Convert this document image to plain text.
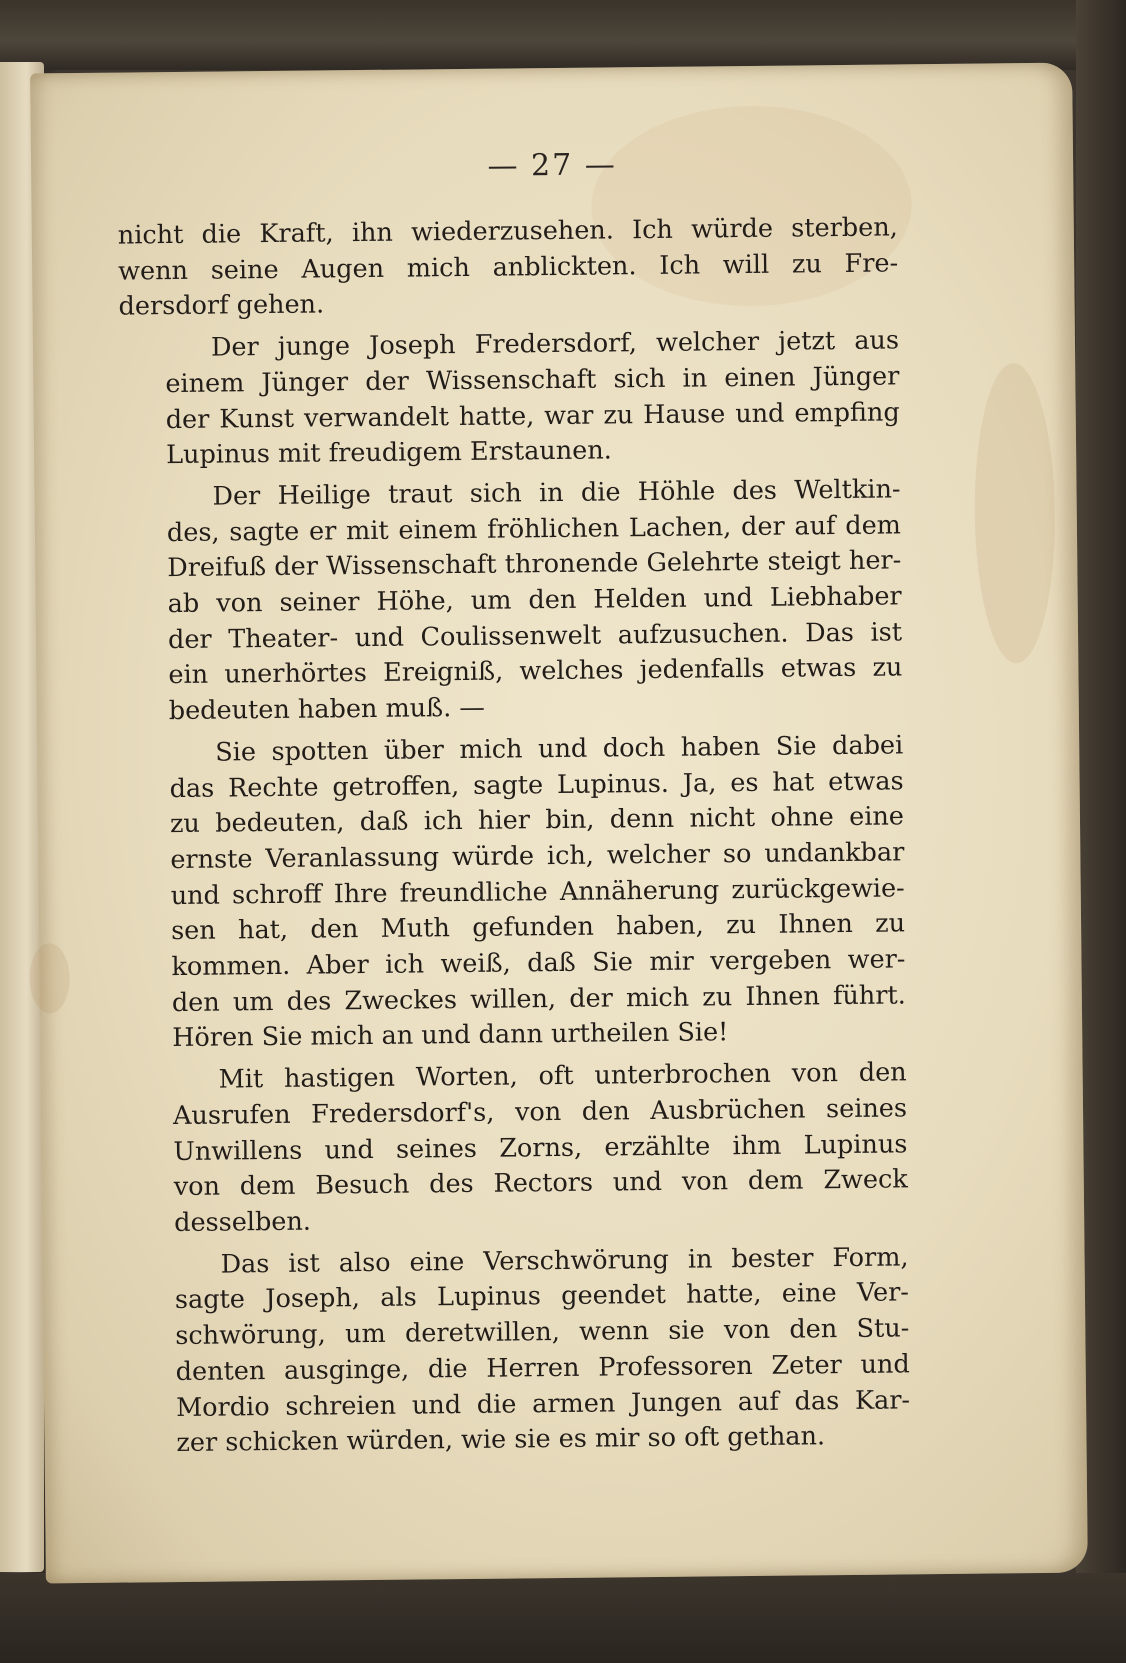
— 27 —
nicht die Kraft, ihn wiederzusehen. Ich würde sterben,
wenn seine Augen mich anblickten. Ich will zu Fre-
dersdorf gehen.
Der junge Joseph Fredersdorf, welcher jetzt aus
einem Jünger der Wissenschaft sich in einen Jünger
der Kunst verwandelt hatte, war zu Hause und empfing
Lupinus mit freudigem Erstaunen.
Der Heilige traut sich in die Höhle des Weltkin-
des, sagte er mit einem fröhlichen Lachen, der auf dem
Dreifuß der Wissenschaft thronende Gelehrte steigt her-
ab von seiner Höhe, um den Helden und Liebhaber
der Theater- und Coulissenwelt aufzusuchen. Das ist
ein unerhörtes Ereigniß, welches jedenfalls etwas zu
bedeuten haben muß. —
Sie spotten über mich und doch haben Sie dabei
das Rechte getroffen, sagte Lupinus. Ja, es hat etwas
zu bedeuten, daß ich hier bin, denn nicht ohne eine
ernste Veranlassung würde ich, welcher so undankbar
und schroff Ihre freundliche Annäherung zurückgewie-
sen hat, den Muth gefunden haben, zu Ihnen zu
kommen. Aber ich weiß, daß Sie mir vergeben wer-
den um des Zweckes willen, der mich zu Ihnen führt.
Hören Sie mich an und dann urtheilen Sie!
Mit hastigen Worten, oft unterbrochen von den
Ausrufen Fredersdorf's, von den Ausbrüchen seines
Unwillens und seines Zorns, erzählte ihm Lupinus
von dem Besuch des Rectors und von dem Zweck
desselben.
Das ist also eine Verschwörung in bester Form,
sagte Joseph, als Lupinus geendet hatte, eine Ver-
schwörung, um deretwillen, wenn sie von den Stu-
denten ausginge, die Herren Professoren Zeter und
Mordio schreien und die armen Jungen auf das Kar-
zer schicken würden, wie sie es mir so oft gethan.
